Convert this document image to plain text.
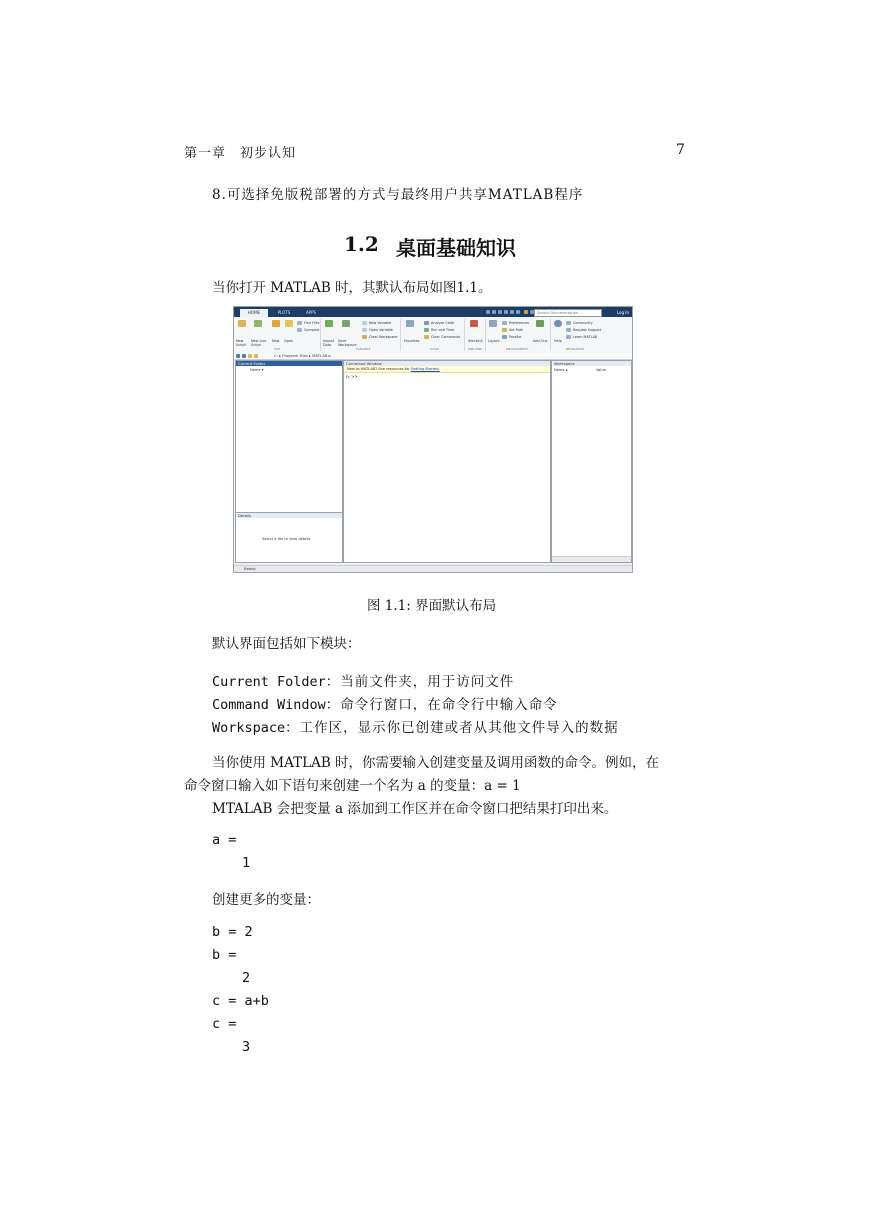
第一章　初步认知	7
8.可选择免版税部署的方式与最终用户共享MATLAB程序
1.2 桌面基础知识
当你打开 MATLAB 时，其默认布局如图1.1。
HOME	PLOTS	APPS	Search Documentation	Log In
New Script
New Live Script
New Open
Find Files
Compare
FILE
Import Data
Save Workspace
New Variable
Open Variable
Clear Workspace
VARIABLE
Favorites
Analyze Code
Run and Time
Clear Commands
CODE
Simulink
SIMULINK
Layout
Preferences
Set Path
Parallel
Add-Ons
ENVIRONMENT
Help
Community
Request Support
Learn MATLAB
RESOURCES
C: ▸ Program Files ▸ MATLAB ▸
Current Folder
Name ▾
Details
Select a file to view details
Command Window
New to MATLAB? See resources for Getting Started.
fx >>
Workspace
Name ▴	Value
Ready
图 1.1: 界面默认布局
默认界面包括如下模块：
Current Folder：当前文件夹，用于访问文件
Command Window：命令行窗口，在命令行中输入命令
Workspace：工作区，显示你已创建或者从其他文件导入的数据
当你使用 MATLAB 时，你需要输入创建变量及调用函数的命令。例如，在
命令窗口输入如下语句来创建一个名为 a 的变量：a = 1
MTALAB 会把变量 a 添加到工作区并在命令窗口把结果打印出来。
a =
1
创建更多的变量：
b = 2
b =
2
c = a+b
c =
3
